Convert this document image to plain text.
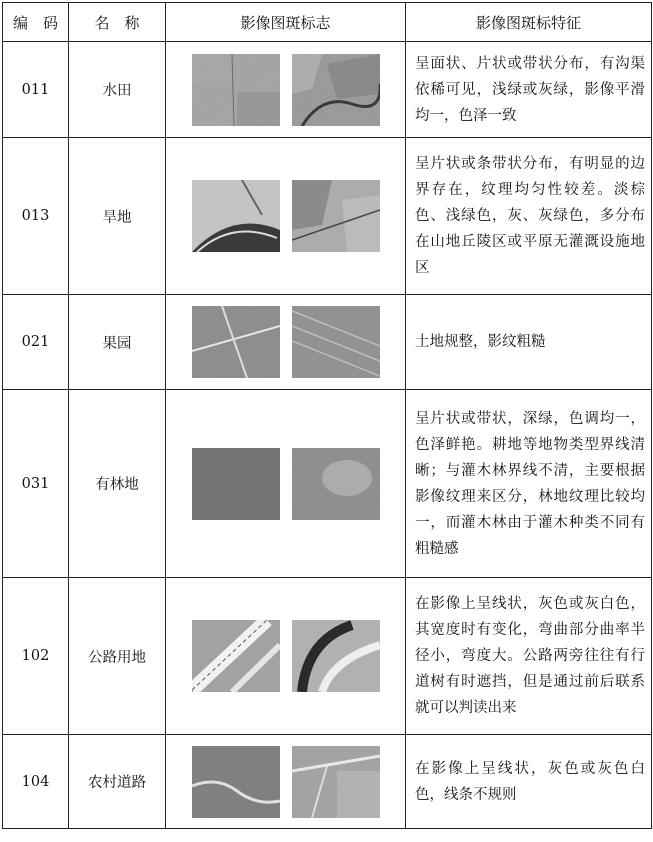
编　码	名　称	影像图斑标志	影像图斑标特征
011	水田		呈面状、片状或带状分布，有沟渠依稀可见，浅绿或灰绿，影像平滑均一，色泽一致
013	旱地		呈片状或条带状分布，有明显的边界存在，纹理均匀性较差。淡棕色、浅绿色，灰、灰绿色，多分布在山地丘陵区或平原无灌溉设施地区
021	果园		土地规整，影纹粗糙
031	有林地		呈片状或带状，深绿，色调均一，色泽鲜艳。耕地等地物类型界线清晰；与灌木林界线不清，主要根据影像纹理来区分，林地纹理比较均一，而灌木林由于灌木种类不同有粗糙感
102	公路用地		在影像上呈线状，灰色或灰白色，其宽度时有变化，弯曲部分曲率半径小，弯度大。公路两旁往往有行道树有时遮挡，但是通过前后联系就可以判读出来
104	农村道路		在影像上呈线状，灰色或灰色白色，线条不规则
